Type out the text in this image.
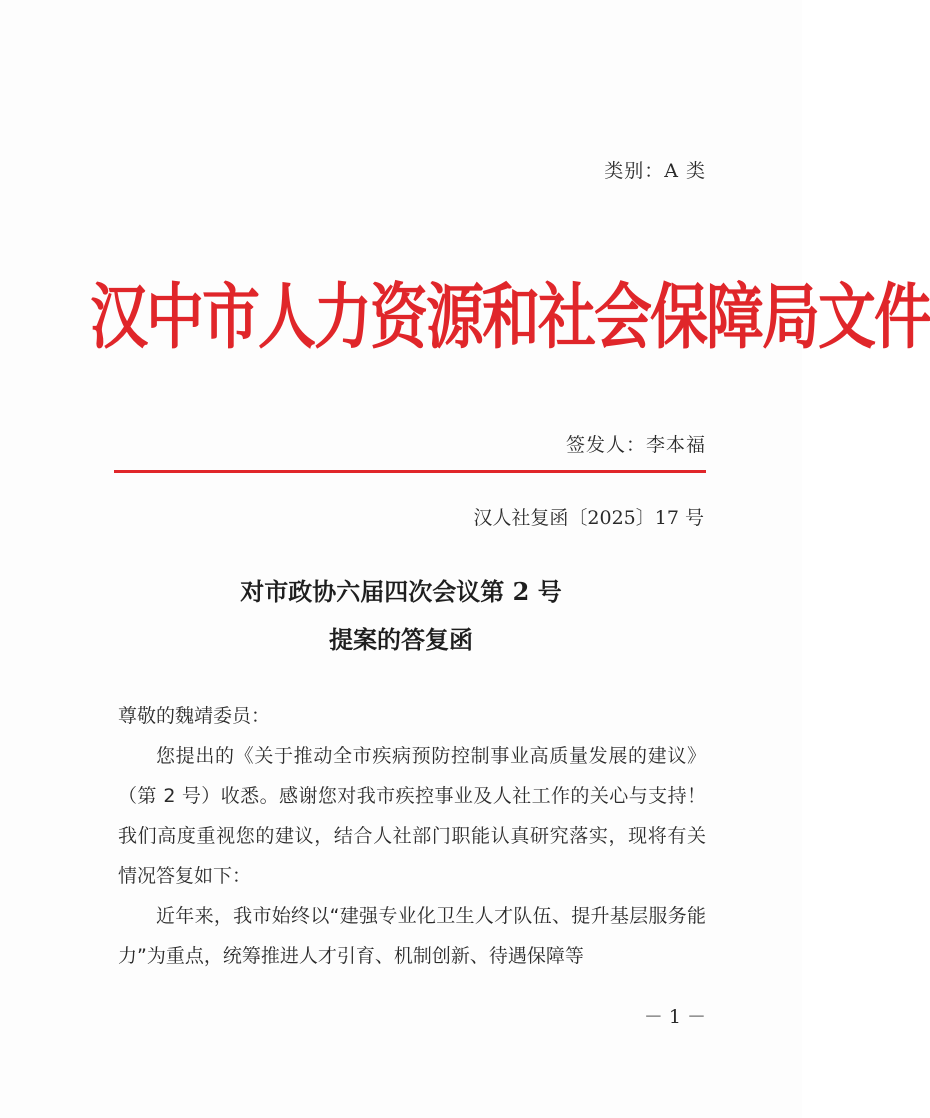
类别：A 类
汉中市人力资源和社会保障局文件
签发人：李本福
汉人社复函〔2025〕17 号
对市政协六届四次会议第 2 号
提案的答复函

尊敬的魏靖委员：

您提出的《关于推动全市疾病预防控制事业高质量发展的建议》（第 2 号）收悉。感谢您对我市疾控事业及人社工作的关心与支持！我们高度重视您的建议，结合人社部门职能认真研究落实，现将有关情况答复如下：

近年来，我市始终以“建强专业化卫生人才队伍、提升基层服务能力”为重点，统筹推进人才引育、机制创新、待遇保障等

－ 1 －
